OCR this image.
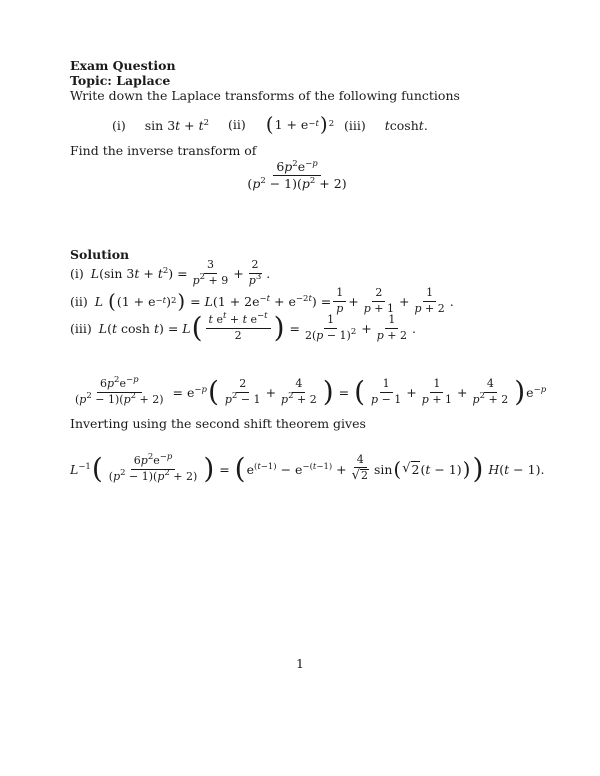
Exam Question
Topic: Laplace
Write down the Laplace transforms of the following functions
(i) $\sin 3t + t^2$ (ii) ( 1 + e −t ) 2 (iii) tcosht.
Find the inverse transform of
$\frac{6p^2e^{-p}}{(p^2 - 1)(p^2 + 2)}$
Solution
(i) L(sin $3t + t^2) = \frac{3}{p^2 + 9} + \frac{2}{p^3}$ .
(ii) L
( (1 + e −t ) 2 ) = $L(1 + 2e^{-t} + e^{-2t}) = \frac{1}{p} + \frac{2}{p + 1} + \frac{1}{p + 2}$ .
(iii) L(t cosh t) = L ( $\frac{t e^t + t e^{-t}}{2}$ ) = $\frac{1}{2(p - 1)^2} + \frac{1}{p + 2}$ .
$\frac{6p^2e^{-p}}{(p^2 - 1)(p^2 + 2)} = e^{-p}$ ( $\frac{2}{p^2 - 1} + \frac{4}{p^2 + 2}$ ) = ( $\frac{1}{p - 1} + \frac{1}{p + 1} + \frac{4}{p^2 + 2}$ ) $e^{-p}$
Inverting using the second shift theorem gives
$L^{-1}$ ( $\frac{6p^2e^{-p}}{(p^2 - 1)(p^2 + 2)}$ ) = ( $e^{(t-1)} - e^{-(t-1)} + \frac{4}{√ 2}$ sin ( √ 2 (t − 1) ) ) H(t − 1).
1
